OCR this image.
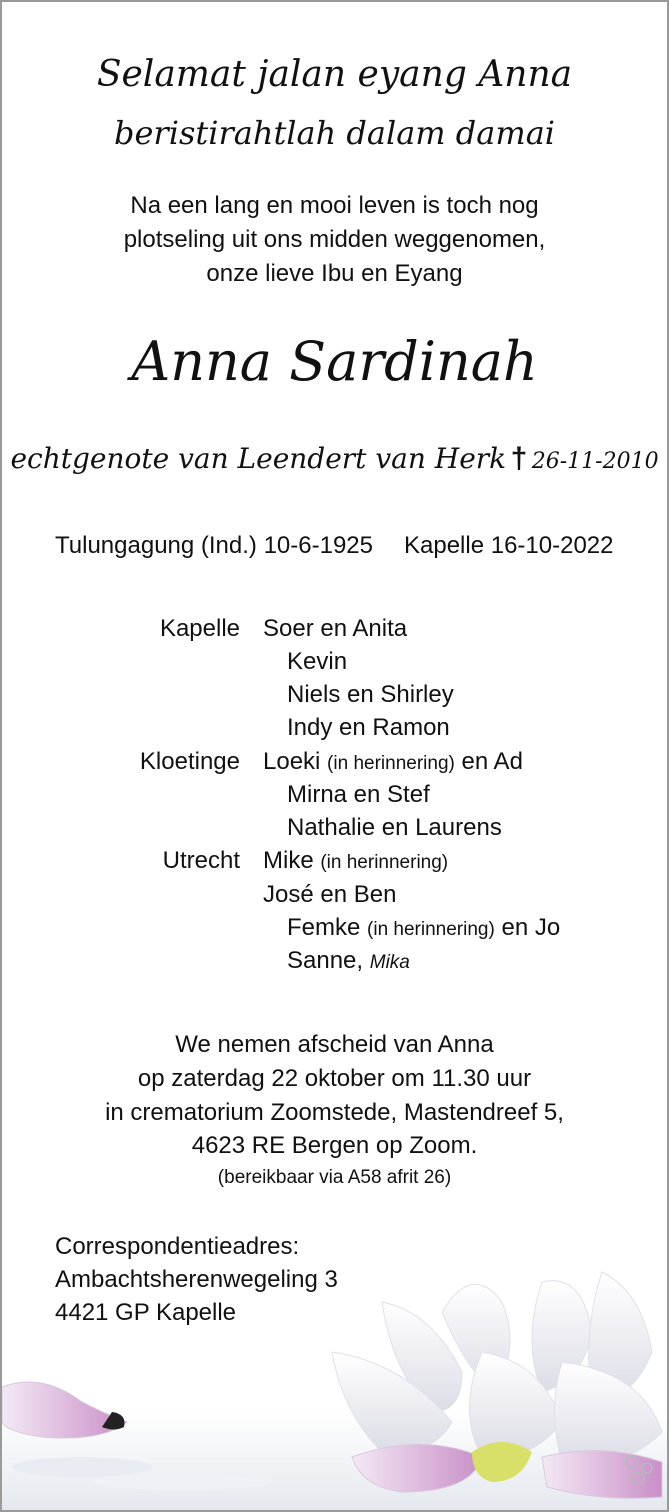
Selamat jalan eyang Anna
beristirahtlah dalam damai
Na een lang en mooi leven is toch nog
plotseling uit ons midden weggenomen,
onze lieve Ibu en Eyang
Anna Sardinah
echtgenote van Leendert van Herk † 26-11-2010
Tulungagung (Ind.) 10-6-1925 Kapelle 16-10-2022
Kapelle Soer en Anita
Kevin
Niels en Shirley
Indy en Ramon
Kloetinge Loeki (in herinnering) en Ad
Mirna en Stef
Nathalie en Laurens
Utrecht Mike (in herinnering)
José en Ben
Femke (in herinnering) en Jo
Sanne, Mika
We nemen afscheid van Anna
op zaterdag 22 oktober om 11.30 uur
in crematorium Zoomstede, Mastendreef 5,
4623 RE Bergen op Zoom.
(bereikbaar via A58 afrit 26)
Correspondentieadres:
Ambachtsherenwegeling 3
4421 GP Kapelle
